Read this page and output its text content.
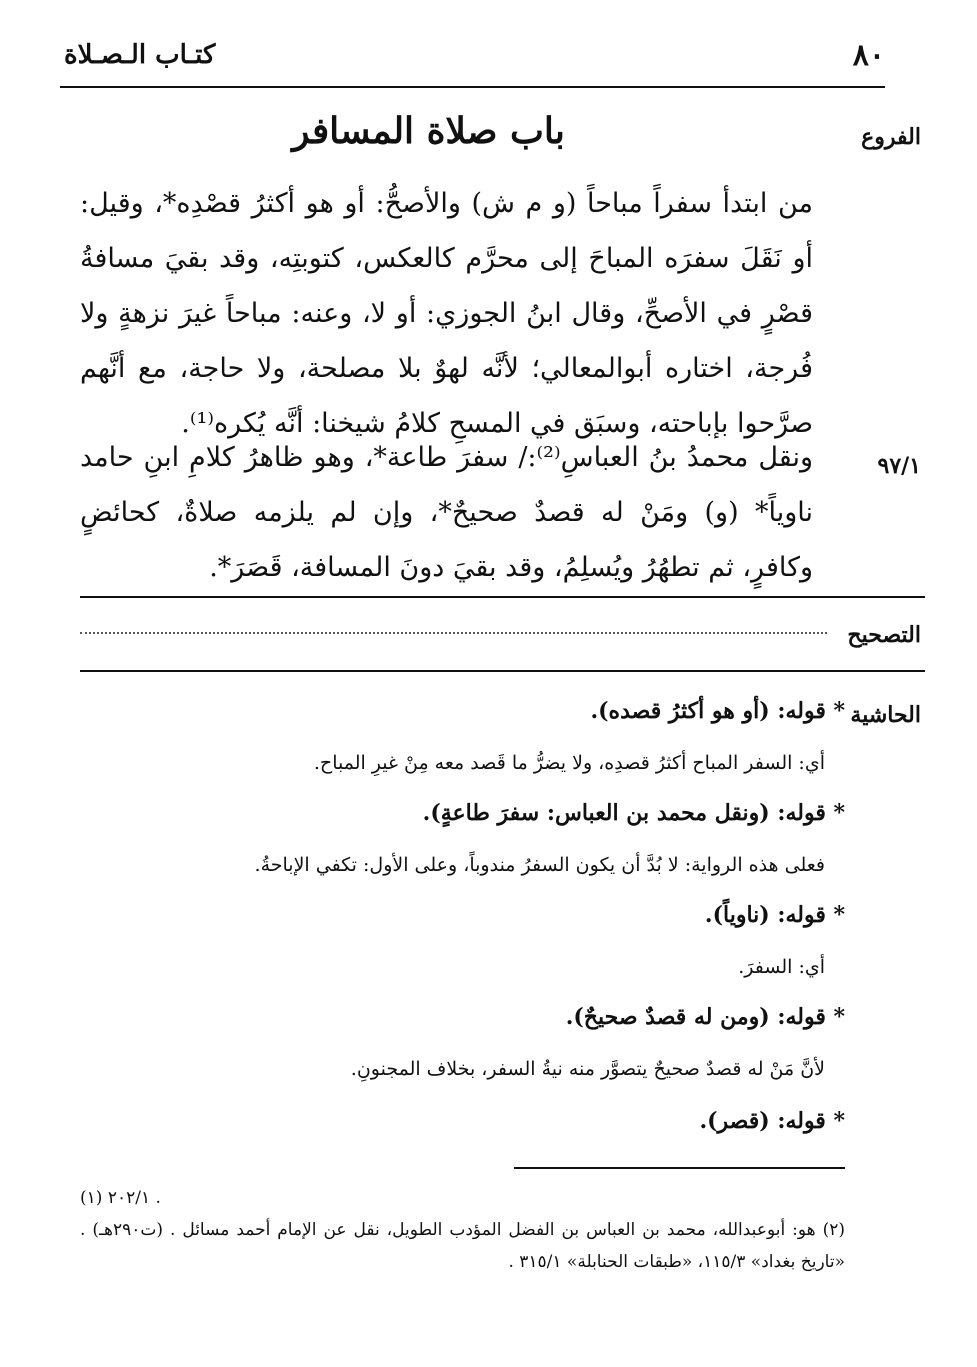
٨٠
كتـاب الـصـلاة
الفروع
٩٧/١
التصحيح
الحاشية
باب صلاة المسافر
من ابتدأ سفراً مباحاً (و م ش) والأصحُّ: أو هو أكثرُ قصْدِه*، وقيل: أو نَقَلَ سفرَه المباحَ إلى محرَّم كالعكس، كتوبتِه، وقد بقيَ مسافةُ قصْرٍ في الأصحِّ، وقال ابنُ الجوزي: أو لا، وعنه: مباحاً غيرَ نزهةٍ ولا فُرجة، اختاره أبوالمعالي؛ لأنَّه لهوٌ بلا مصلحة، ولا حاجة، مع أنَّهم صرَّحوا بإباحته، وسبَق في المسحِ كلامُ شيخنا: أنَّه يُكره⁽¹⁾.
ونقل محمدُ بنُ العباسِ⁽²⁾:/ سفرَ طاعة*، وهو ظاهرُ كلامِ ابنِ حامد ناوياً* (و) ومَنْ له قصدٌ صحيحٌ*، وإن لم يلزمه صلاةٌ، كحائضٍ وكافرٍ، ثم تطهُرُ ويُسلِمُ، وقد بقيَ دونَ المسافة، قَصَرَ*.
* قوله: (أو هو أكثرُ قصده).
أي: السفر المباح أكثرُ قصدِه، ولا يضرُّ ما قَصد معه مِنْ غيرِ المباح.
* قوله: (ونقل محمد بن العباس: سفرَ طاعةٍ).
فعلى هذه الرواية: لا بُدَّ أن يكون السفرُ مندوباً، وعلى الأول: تكفي الإباحةُ.
* قوله: (ناوياً).
أي: السفرَ.
* قوله: (ومن له قصدٌ صحيحٌ).
لأنَّ مَنْ له قصدٌ صحيحٌ يتصوَّر منه نيةُ السفر، بخلاف المجنونِ.
* قوله: (قصر).
(١) ٢٠٢/١ .
(٢) هو: أبوعبدالله، محمد بن العباس بن الفضل المؤدب الطويل، نقل عن الإمام أحمد مسائل . (ت٢٩٠هـ) . «تاريخ بغداد» ١١٥/٣، «طبقات الحنابلة» ٣١٥/١ .
